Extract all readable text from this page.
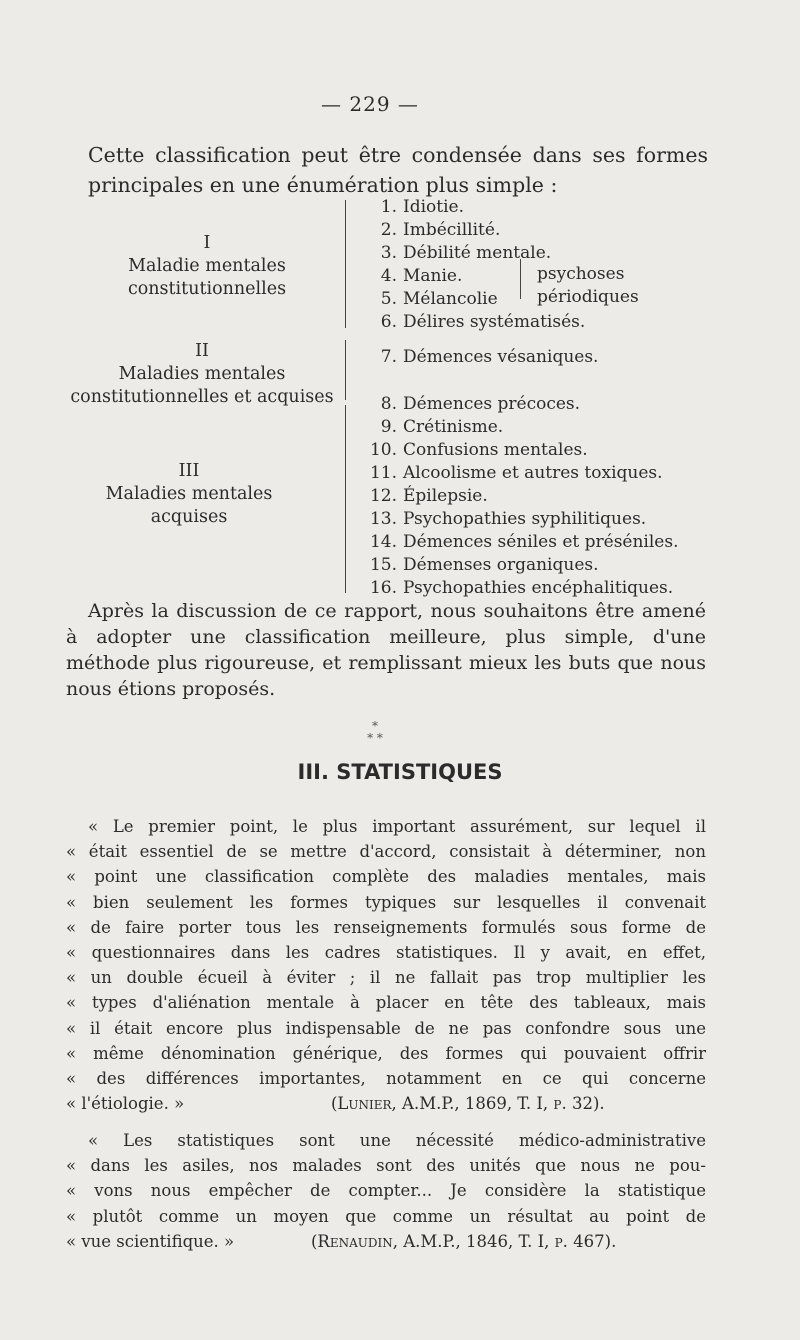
— 229 —

Cette classification peut être condensée dans ses formes principales en une énumération plus simple :

I
Maladie mentales
constitutionnelles
II
Maladies mentales
constitutionnelles et acquises
III
Maladies mentales
acquises
1. Idiotie.
2. Imbécillité.
3. Débilité mentale.
4. Manie.
5. Mélancolie
6. Délires systématisés.
7. Démences vésaniques.
8. Démences précoces.
9. Crétinisme.
10. Confusions mentales.
11. Alcoolisme et autres toxiques.
12. Épilepsie.
13. Psychopathies syphilitiques.
14. Démences séniles et préséniles.
15. Démenses organiques.
16. Psychopathies encéphalitiques.
psychoses
périodiques

Après la discussion de ce rapport, nous souhaitons être amené à adopter une classification meilleure, plus simple, d'une méthode plus rigoureuse, et remplissant mieux les buts que nous nous étions proposés.

*
* *
III. STATISTIQUES
« Le premier point, le plus important assurément, sur lequel il
« était essentiel de se mettre d'accord, consistait à déterminer, non
« point une classification complète des maladies mentales, mais
« bien seulement les formes typiques sur lesquelles il convenait
« de faire porter tous les renseignements formulés sous forme de
« questionnaires dans les cadres statistiques. Il y avait, en effet,
« un double écueil à éviter ; il ne fallait pas trop multiplier les
« types d'aliénation mentale à placer en tête des tableaux, mais
« il était encore plus indispensable de ne pas confondre sous une
« même dénomination générique, des formes qui pouvaient offrir
« des différences importantes, notamment en ce qui concerne
« l'étiologie. »	(Lunier, A.M.P., 1869, T. I, p. 32).
« Les statistiques sont une nécessité médico-administrative
« dans les asiles, nos malades sont des unités que nous ne pou-
« vons nous empêcher de compter... Je considère la statistique
« plutôt comme un moyen que comme un résultat au point de
« vue scientifique. »	(Renaudin, A.M.P., 1846, T. I, p. 467).
